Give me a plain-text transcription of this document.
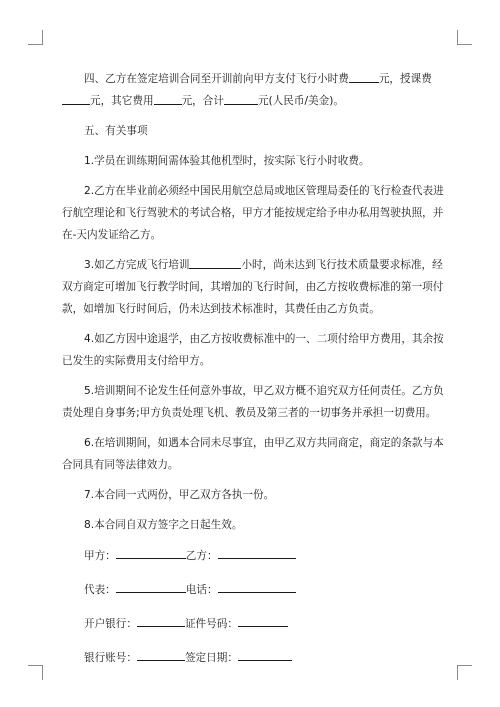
四、乙方在签定培训合同至开训前向甲方支付飞行小时费	元，授课费元，其它费用	元，合计	元(人民币/美金)。

五、有关事项

1.学员在训练期间需体验其他机型时，按实际飞行小时收费。

2.乙方在毕业前必须经中国民用航空总局或地区管理局委任的飞行检查代表进行航空理论和飞行驾驶术的考试合格，甲方才能按规定给予申办私用驾驶执照，并在-天内发证给乙方。

3.如乙方完成飞行培训	小时，尚未达到飞行技术质量要求标准，经双方商定可增加飞行教学时间，其增加的飞行时间，由乙方按收费标准的第一项付款，如增加飞行时间后，仍未达到技术标准时，其费任由乙方负责。

4.如乙方因中途退学，由乙方按收费标准中的一、二项付给甲方费用，其余按已发生的实际费用支付给甲方。

5.培训期间不论发生任何意外事故，甲乙双方概不追究双方任何责任。乙方负责处理自身事务;甲方负责处理飞机、教员及第三者的一切事务并承担一切费用。

6.在培训期间，如遇本合同未尽事宜，由甲乙双方共同商定，商定的条款与本合同具有同等法律效力。

7.本合同一式两份，甲乙双方各执一份。

8.本合同自双方签字之日起生效。

甲方：	乙方：

代表：	电话：

开户银行：	证件号码：

银行账号：	签定日期：
